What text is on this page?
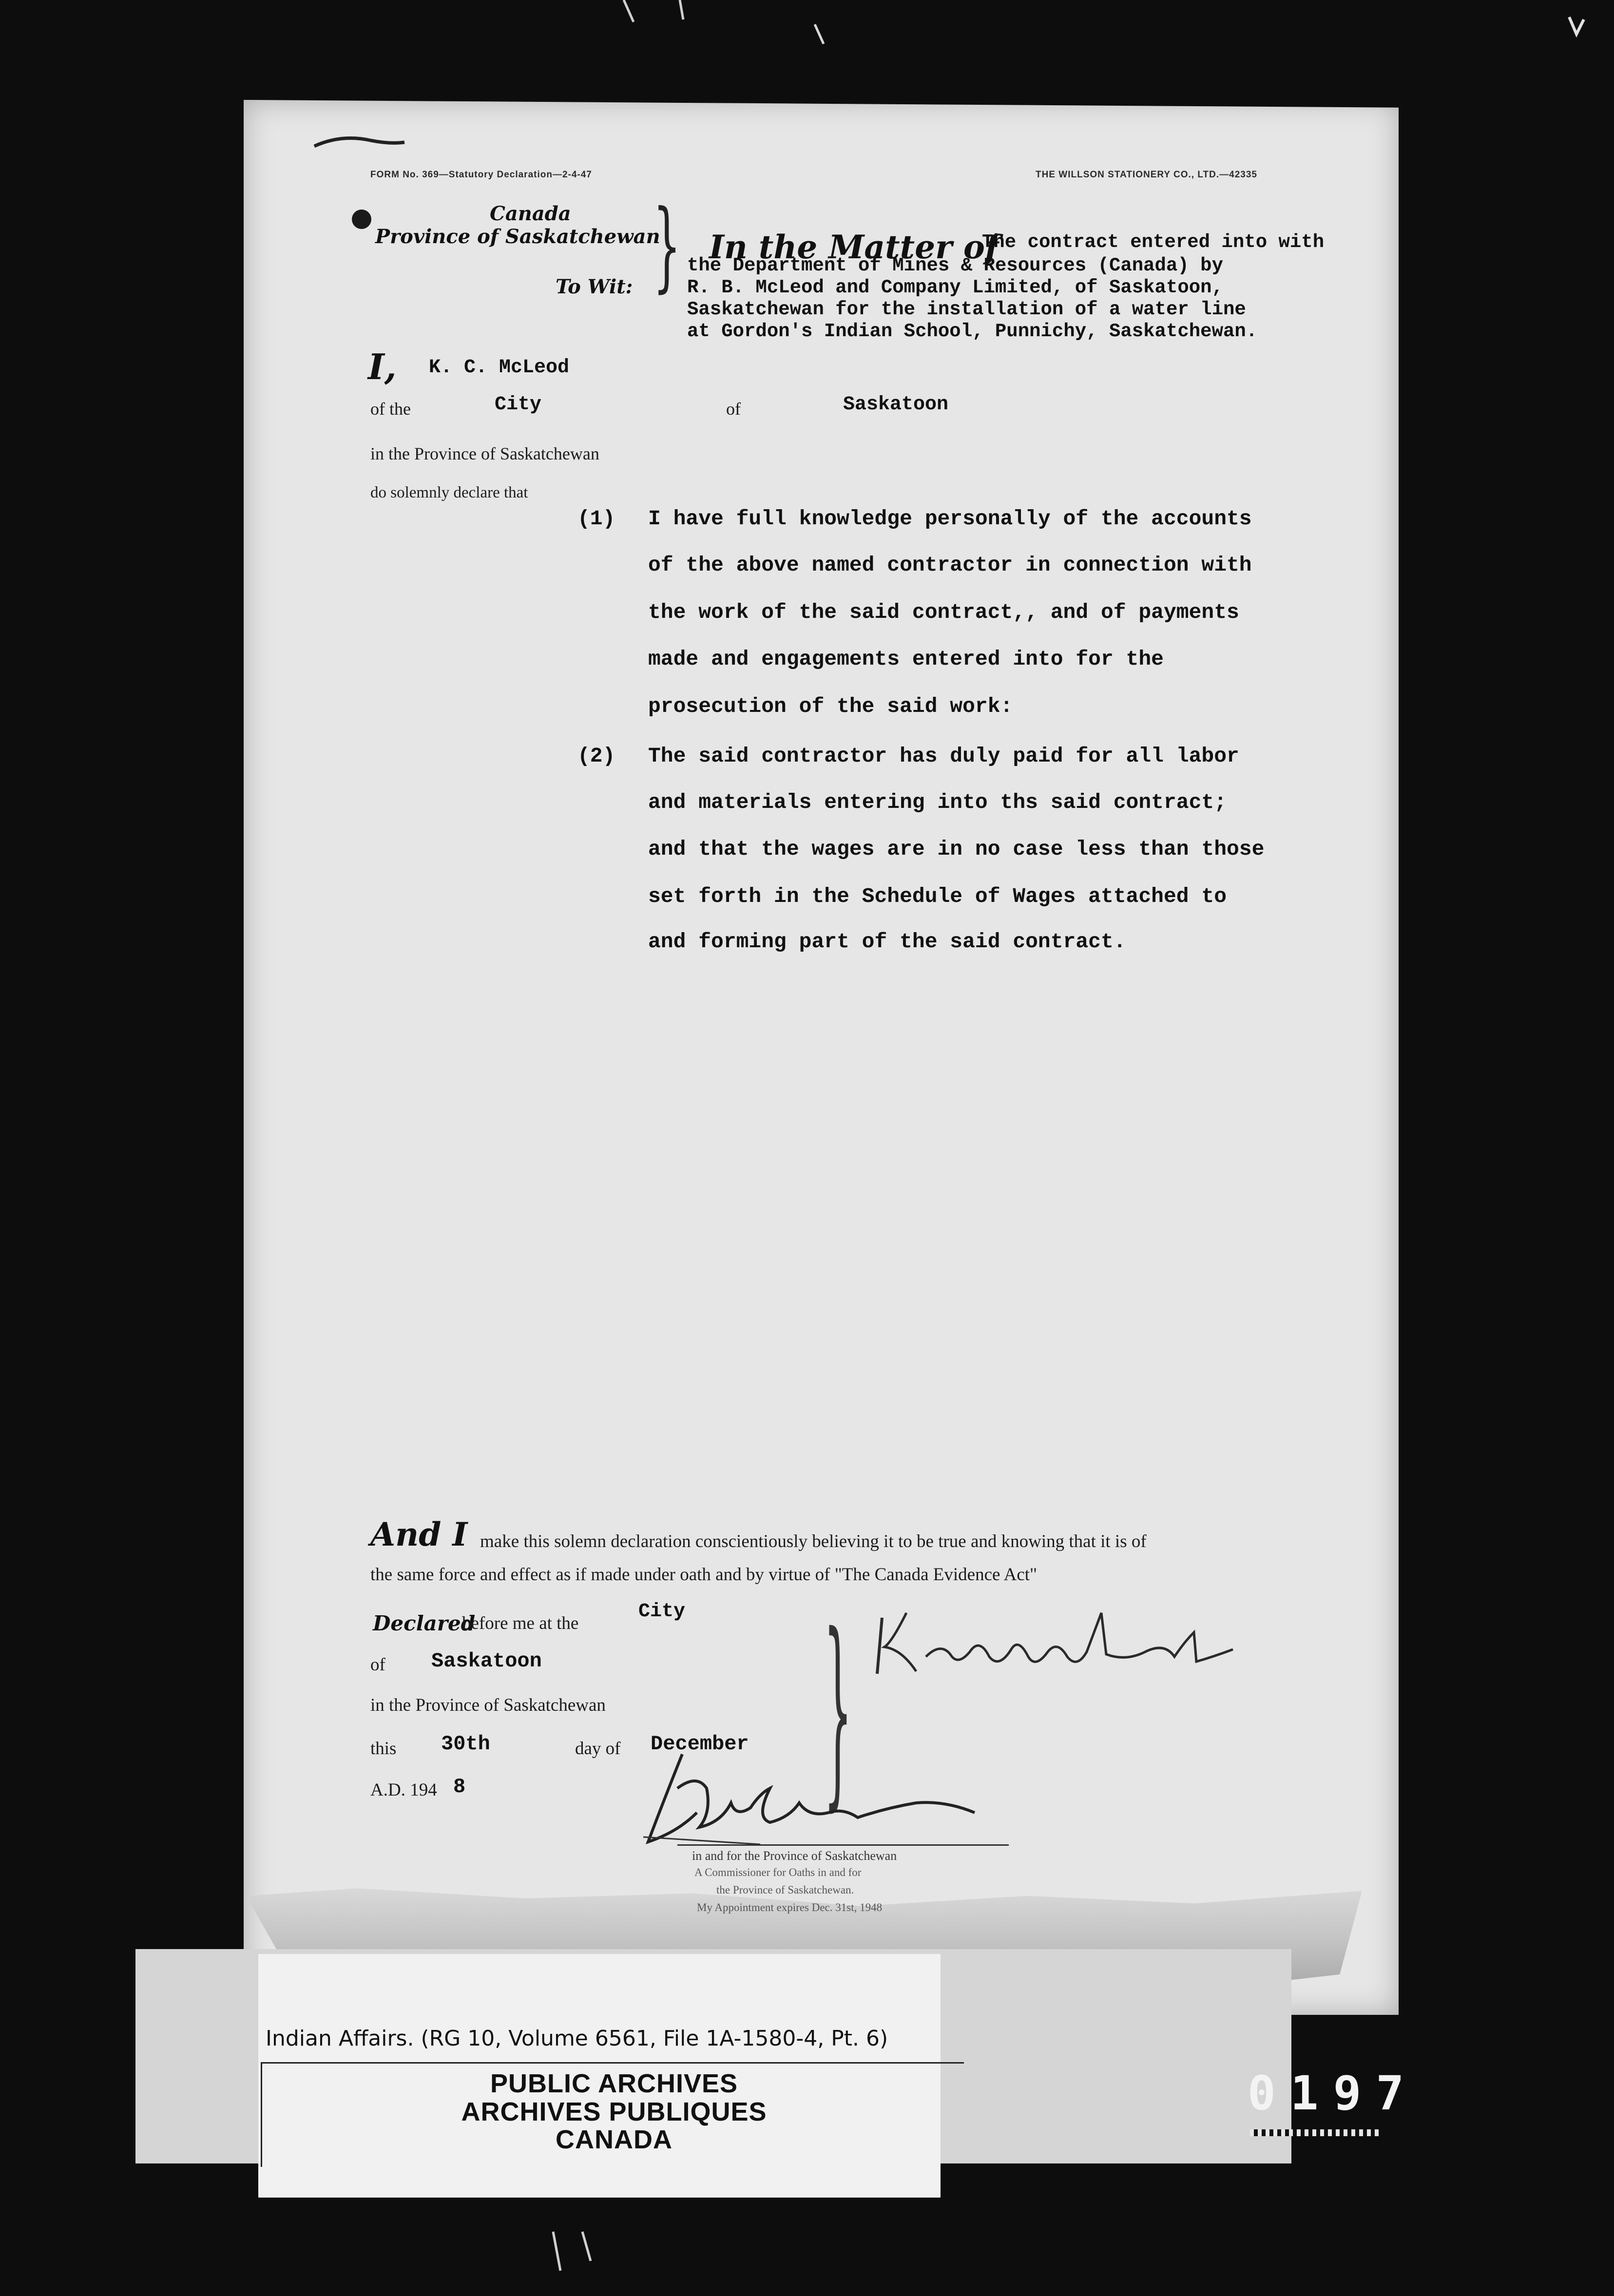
FORM No. 369—Statutory Declaration—2-4-47	THE WILLSON STATIONERY CO., LTD.—42335
Canada
Province of Saskatchewan
To Wit: } In the Matter of
The contract entered into with
the Department of Mines & Resources (Canada) by
R. B. McLeod and Company Limited, of Saskatoon,
Saskatchewan for the installation of a water line
at Gordon's Indian School, Punnichy, Saskatchewan.
I, K. C. McLeod
of the	City	of	Saskatoon
in the Province of Saskatchewan
do solemnly declare that
(1) I have full knowledge personally of the accounts
of the above named contractor in connection with
the work of the said contract,, and of payments
made and engagements entered into for the
prosecution of the said work:
(2) The said contractor has duly paid for all labor
and materials entering into ths said contract;
and that the wages are in no case less than those
set forth in the Schedule of Wages attached to
and forming part of the said contract.
And I make this solemn declaration conscientiously believing it to be true and knowing that it is of
the same force and effect as if made under oath and by virtue of "The Canada Evidence Act"
Declared
before me at the
City
of Saskatoon
in the Province of Saskatchewan
this 30th	day of December
A.D. 194 8 }
in and for the Province of Saskatchewan
A Commissioner for Oaths in and for
the Province of Saskatchewan.
My Appointment expires Dec. 31st, 1948
Indian Affairs. (RG 10, Volume 6561, File 1A-1580-4, Pt. 6)
PUBLIC ARCHIVES
ARCHIVES PUBLIQUES
CANADA
0197
